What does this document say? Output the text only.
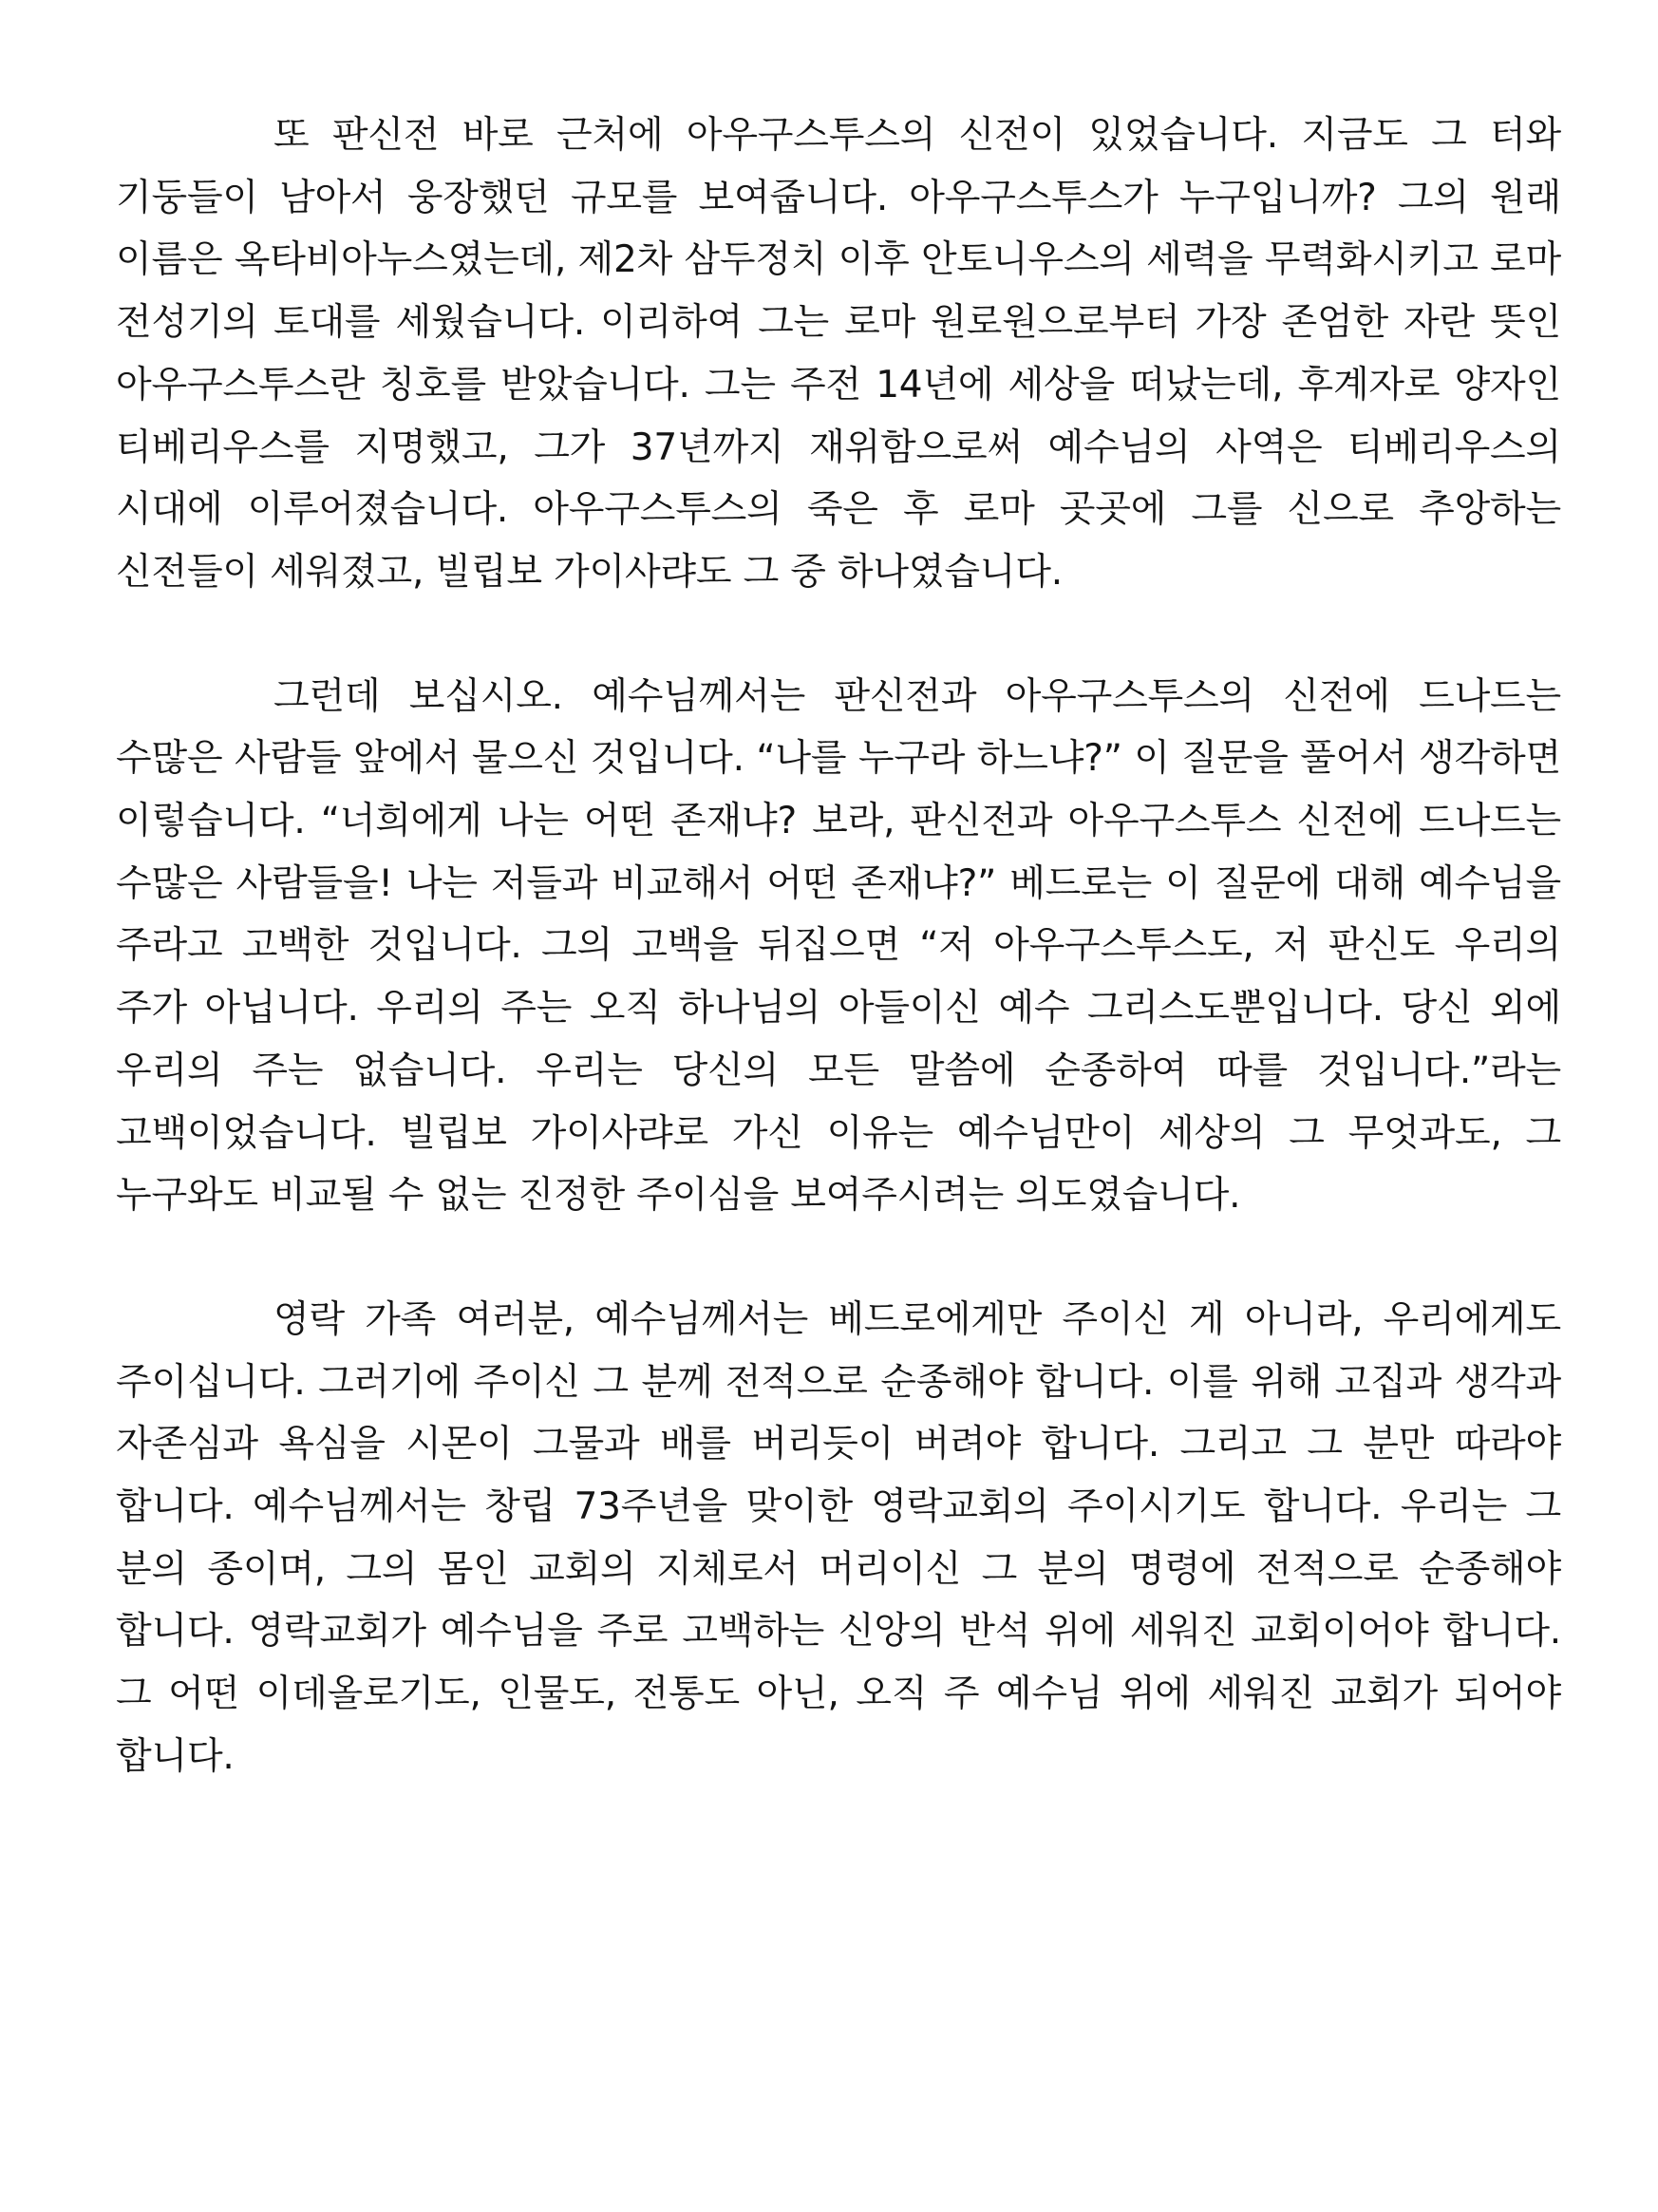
또 판신전 바로 근처에 아우구스투스의 신전이 있었습니다. 지금도 그 터와 기둥들이 남아서 웅장했던 규모를 보여줍니다. 아우구스투스가 누구입니까? 그의 원래 이름은 옥타비아누스였는데, 제2차 삼두정치 이후 안토니우스의 세력을 무력화시키고 로마 전성기의 토대를 세웠습니다. 이리하여 그는 로마 원로원으로부터 가장 존엄한 자란 뜻인 아우구스투스란 칭호를 받았습니다. 그는 주전 14년에 세상을 떠났는데, 후계자로 양자인 티베리우스를 지명했고, 그가 37년까지 재위함으로써 예수님의 사역은 티베리우스의 시대에 이루어졌습니다. 아우구스투스의 죽은 후 로마 곳곳에 그를 신으로 추앙하는 신전들이 세워졌고, 빌립보 가이사랴도 그 중 하나였습니다.

그런데 보십시오. 예수님께서는 판신전과 아우구스투스의 신전에 드나드는 수많은 사람들 앞에서 물으신 것입니다. “나를 누구라 하느냐?” 이 질문을 풀어서 생각하면 이렇습니다. “너희에게 나는 어떤 존재냐? 보라, 판신전과 아우구스투스 신전에 드나드는 수많은 사람들을! 나는 저들과 비교해서 어떤 존재냐?” 베드로는 이 질문에 대해 예수님을 주라고 고백한 것입니다. 그의 고백을 뒤집으면 “저 아우구스투스도, 저 판신도 우리의 주가 아닙니다. 우리의 주는 오직 하나님의 아들이신 예수 그리스도뿐입니다. 당신 외에 우리의 주는 없습니다. 우리는 당신의 모든 말씀에 순종하여 따를 것입니다.”라는 고백이었습니다. 빌립보 가이사랴로 가신 이유는 예수님만이 세상의 그 무엇과도, 그 누구와도 비교될 수 없는 진정한 주이심을 보여주시려는 의도였습니다.

영락 가족 여러분, 예수님께서는 베드로에게만 주이신 게 아니라, 우리에게도 주이십니다. 그러기에 주이신 그 분께 전적으로 순종해야 합니다. 이를 위해 고집과 생각과 자존심과 욕심을 시몬이 그물과 배를 버리듯이 버려야 합니다. 그리고 그 분만 따라야 합니다. 예수님께서는 창립 73주년을 맞이한 영락교회의 주이시기도 합니다. 우리는 그 분의 종이며, 그의 몸인 교회의 지체로서 머리이신 그 분의 명령에 전적으로 순종해야 합니다. 영락교회가 예수님을 주로 고백하는 신앙의 반석 위에 세워진 교회이어야 합니다. 그 어떤 이데올로기도, 인물도, 전통도 아닌, 오직 주 예수님 위에 세워진 교회가 되어야 합니다.
